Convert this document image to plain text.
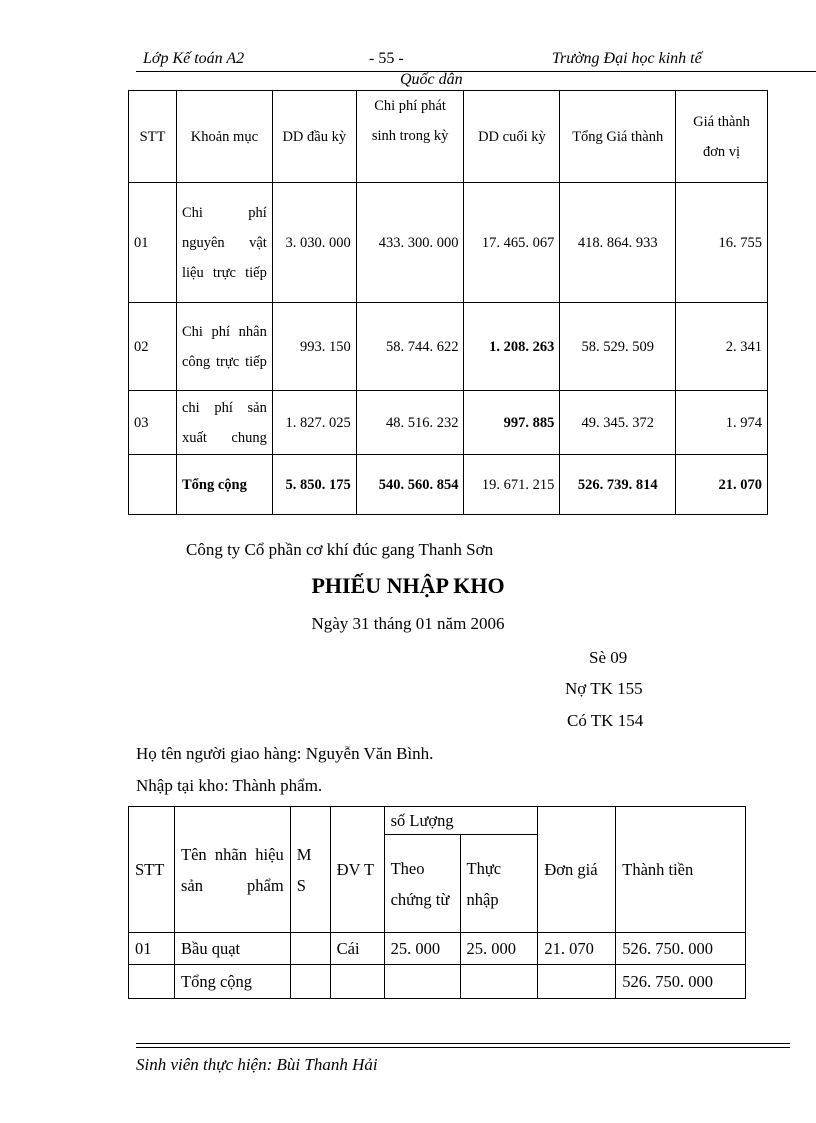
Lớp Kế toán A2	- 55 -	Trường Đại học kinh tế
Quốc dân
STT	Khoản mục	DD đầu kỳ	Chi phí phát sinh trong kỳ	DD cuối kỳ	Tổng Giá thành	Giá thành đơn vị
01	Chi phí nguyên vật liệu trực tiếp	3. 030. 000	433. 300. 000	17. 465. 067	418. 864. 933	16. 755
02	Chi phí nhân công trực tiếp	993. 150	58. 744. 622	1. 208. 263	58. 529. 509	2. 341
03	chi phí sản xuất chung	1. 827. 025	48. 516. 232	997. 885	49. 345. 372	1. 974
	Tổng cộng	5. 850. 175	540. 560. 854	19. 671. 215	526. 739. 814	21. 070
Công ty Cổ phần cơ khí đúc gang Thanh Sơn
PHIẾU NHẬP KHO
Ngày 31 tháng 01 năm 2006
Sè 09
Nợ TK 155
Có TK 154
Họ tên người giao hàng: Nguyễn Văn Bình.
Nhập tại kho: Thành phẩm.
STT	Tên nhãn hiệu sản phẩm	M S	ĐV T	số Lượng		Đơn giá	Thành tiền
				Theo chứng từ	Thực nhập		
01	Bầu quạt		Cái	25. 000	25. 000	21. 070	526. 750. 000
	Tổng cộng						526. 750. 000
Sinh viên thực hiện: Bùi Thanh Hải
